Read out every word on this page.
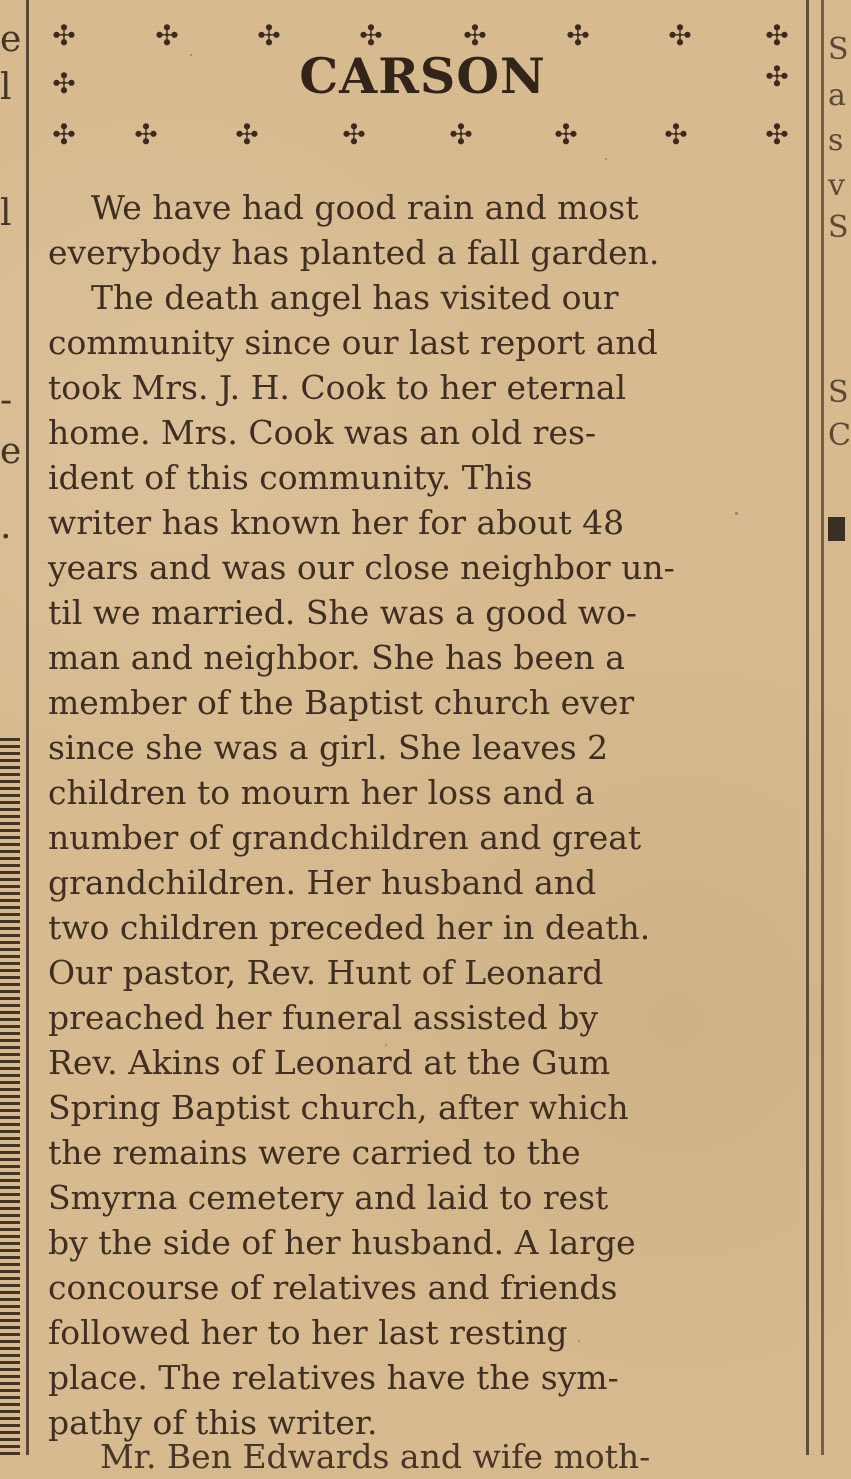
e
l
l
-
e
.
S
a
s
v
S
S
C
✣	✣	✣	✣	✣	✣	✣	✣
✣	✣
✣ ✣	✣	✣	✣	✣	✣	✣
CARSON
We have had good rain and most
everybody has planted a fall garden.
The death angel has visited our
community since our last report and
took Mrs. J. H. Cook to her eternal
home. Mrs. Cook was an old res-
ident of this community. This
writer has known her for about 48
years and was our close neighbor un-
til we married. She was a good wo-
man and neighbor. She has been a
member of the Baptist church ever
since she was a girl. She leaves 2
children to mourn her loss and a
number of grandchildren and great
grandchildren. Her husband and
two children preceded her in death.
Our pastor, Rev. Hunt of Leonard
preached her funeral assisted by
Rev. Akins of Leonard at the Gum
Spring Baptist church, after which
the remains were carried to the
Smyrna cemetery and laid to rest
by the side of her husband. A large
concourse of relatives and friends
followed her to her last resting
place. The relatives have the sym-
pathy of this writer.
Mr. Ben Edwards and wife moth-
